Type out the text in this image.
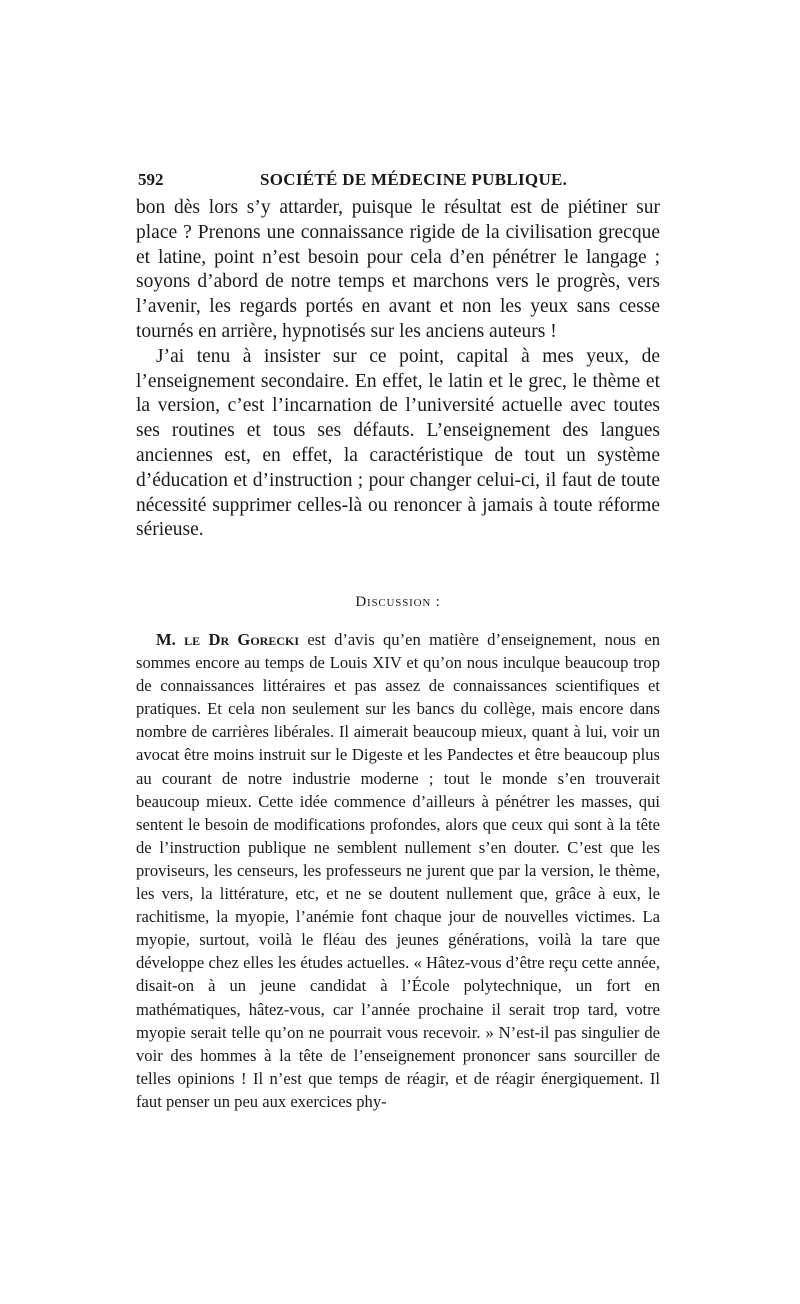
592	SOCIÉTÉ DE MÉDECINE PUBLIQUE.

bon dès lors s’y attarder, puisque le résultat est de piétiner sur place ? Prenons une connaissance rigide de la civilisation grecque et latine, point n’est besoin pour cela d’en pénétrer le langage ; soyons d’abord de notre temps et marchons vers le progrès, vers l’avenir, les regards portés en avant et non les yeux sans cesse tournés en arrière, hypnotisés sur les anciens auteurs !

J’ai tenu à insister sur ce point, capital à mes yeux, de l’enseignement secondaire. En effet, le latin et le grec, le thème et la version, c’est l’incarnation de l’université actuelle avec toutes ses routines et tous ses défauts. L’enseignement des langues anciennes est, en effet, la caractéristique de tout un système d’éducation et d’instruction ; pour changer celui-ci, il faut de toute nécessité supprimer celles-là ou renoncer à jamais à toute réforme sérieuse.

Discussion :

M. le Dr Gorecki est d’avis qu’en matière d’enseignement, nous en sommes encore au temps de Louis XIV et qu’on nous inculque beaucoup trop de connaissances littéraires et pas assez de connaissances scientifiques et pratiques. Et cela non seulement sur les bancs du collège, mais encore dans nombre de carrières libérales. Il aimerait beaucoup mieux, quant à lui, voir un avocat être moins instruit sur le Digeste et les Pandectes et être beaucoup plus au courant de notre industrie moderne ; tout le monde s’en trouverait beaucoup mieux. Cette idée commence d’ailleurs à pénétrer les masses, qui sentent le besoin de modifications profondes, alors que ceux qui sont à la tête de l’instruction publique ne semblent nullement s’en douter. C’est que les proviseurs, les censeurs, les professeurs ne jurent que par la version, le thème, les vers, la littérature, etc, et ne se doutent nullement que, grâce à eux, le rachitisme, la myopie, l’anémie font chaque jour de nouvelles victimes. La myopie, surtout, voilà le fléau des jeunes générations, voilà la tare que développe chez elles les études actuelles. « Hâtez-vous d’être reçu cette année, disait-on à un jeune candidat à l’École polytechnique, un fort en mathématiques, hâtez-vous, car l’année prochaine il serait trop tard, votre myopie serait telle qu’on ne pourrait vous recevoir. » N’est-il pas singulier de voir des hommes à la tête de l’enseignement prononcer sans sourciller de telles opinions ! Il n’est que temps de réagir, et de réagir énergiquement. Il faut penser un peu aux exercices phy-
